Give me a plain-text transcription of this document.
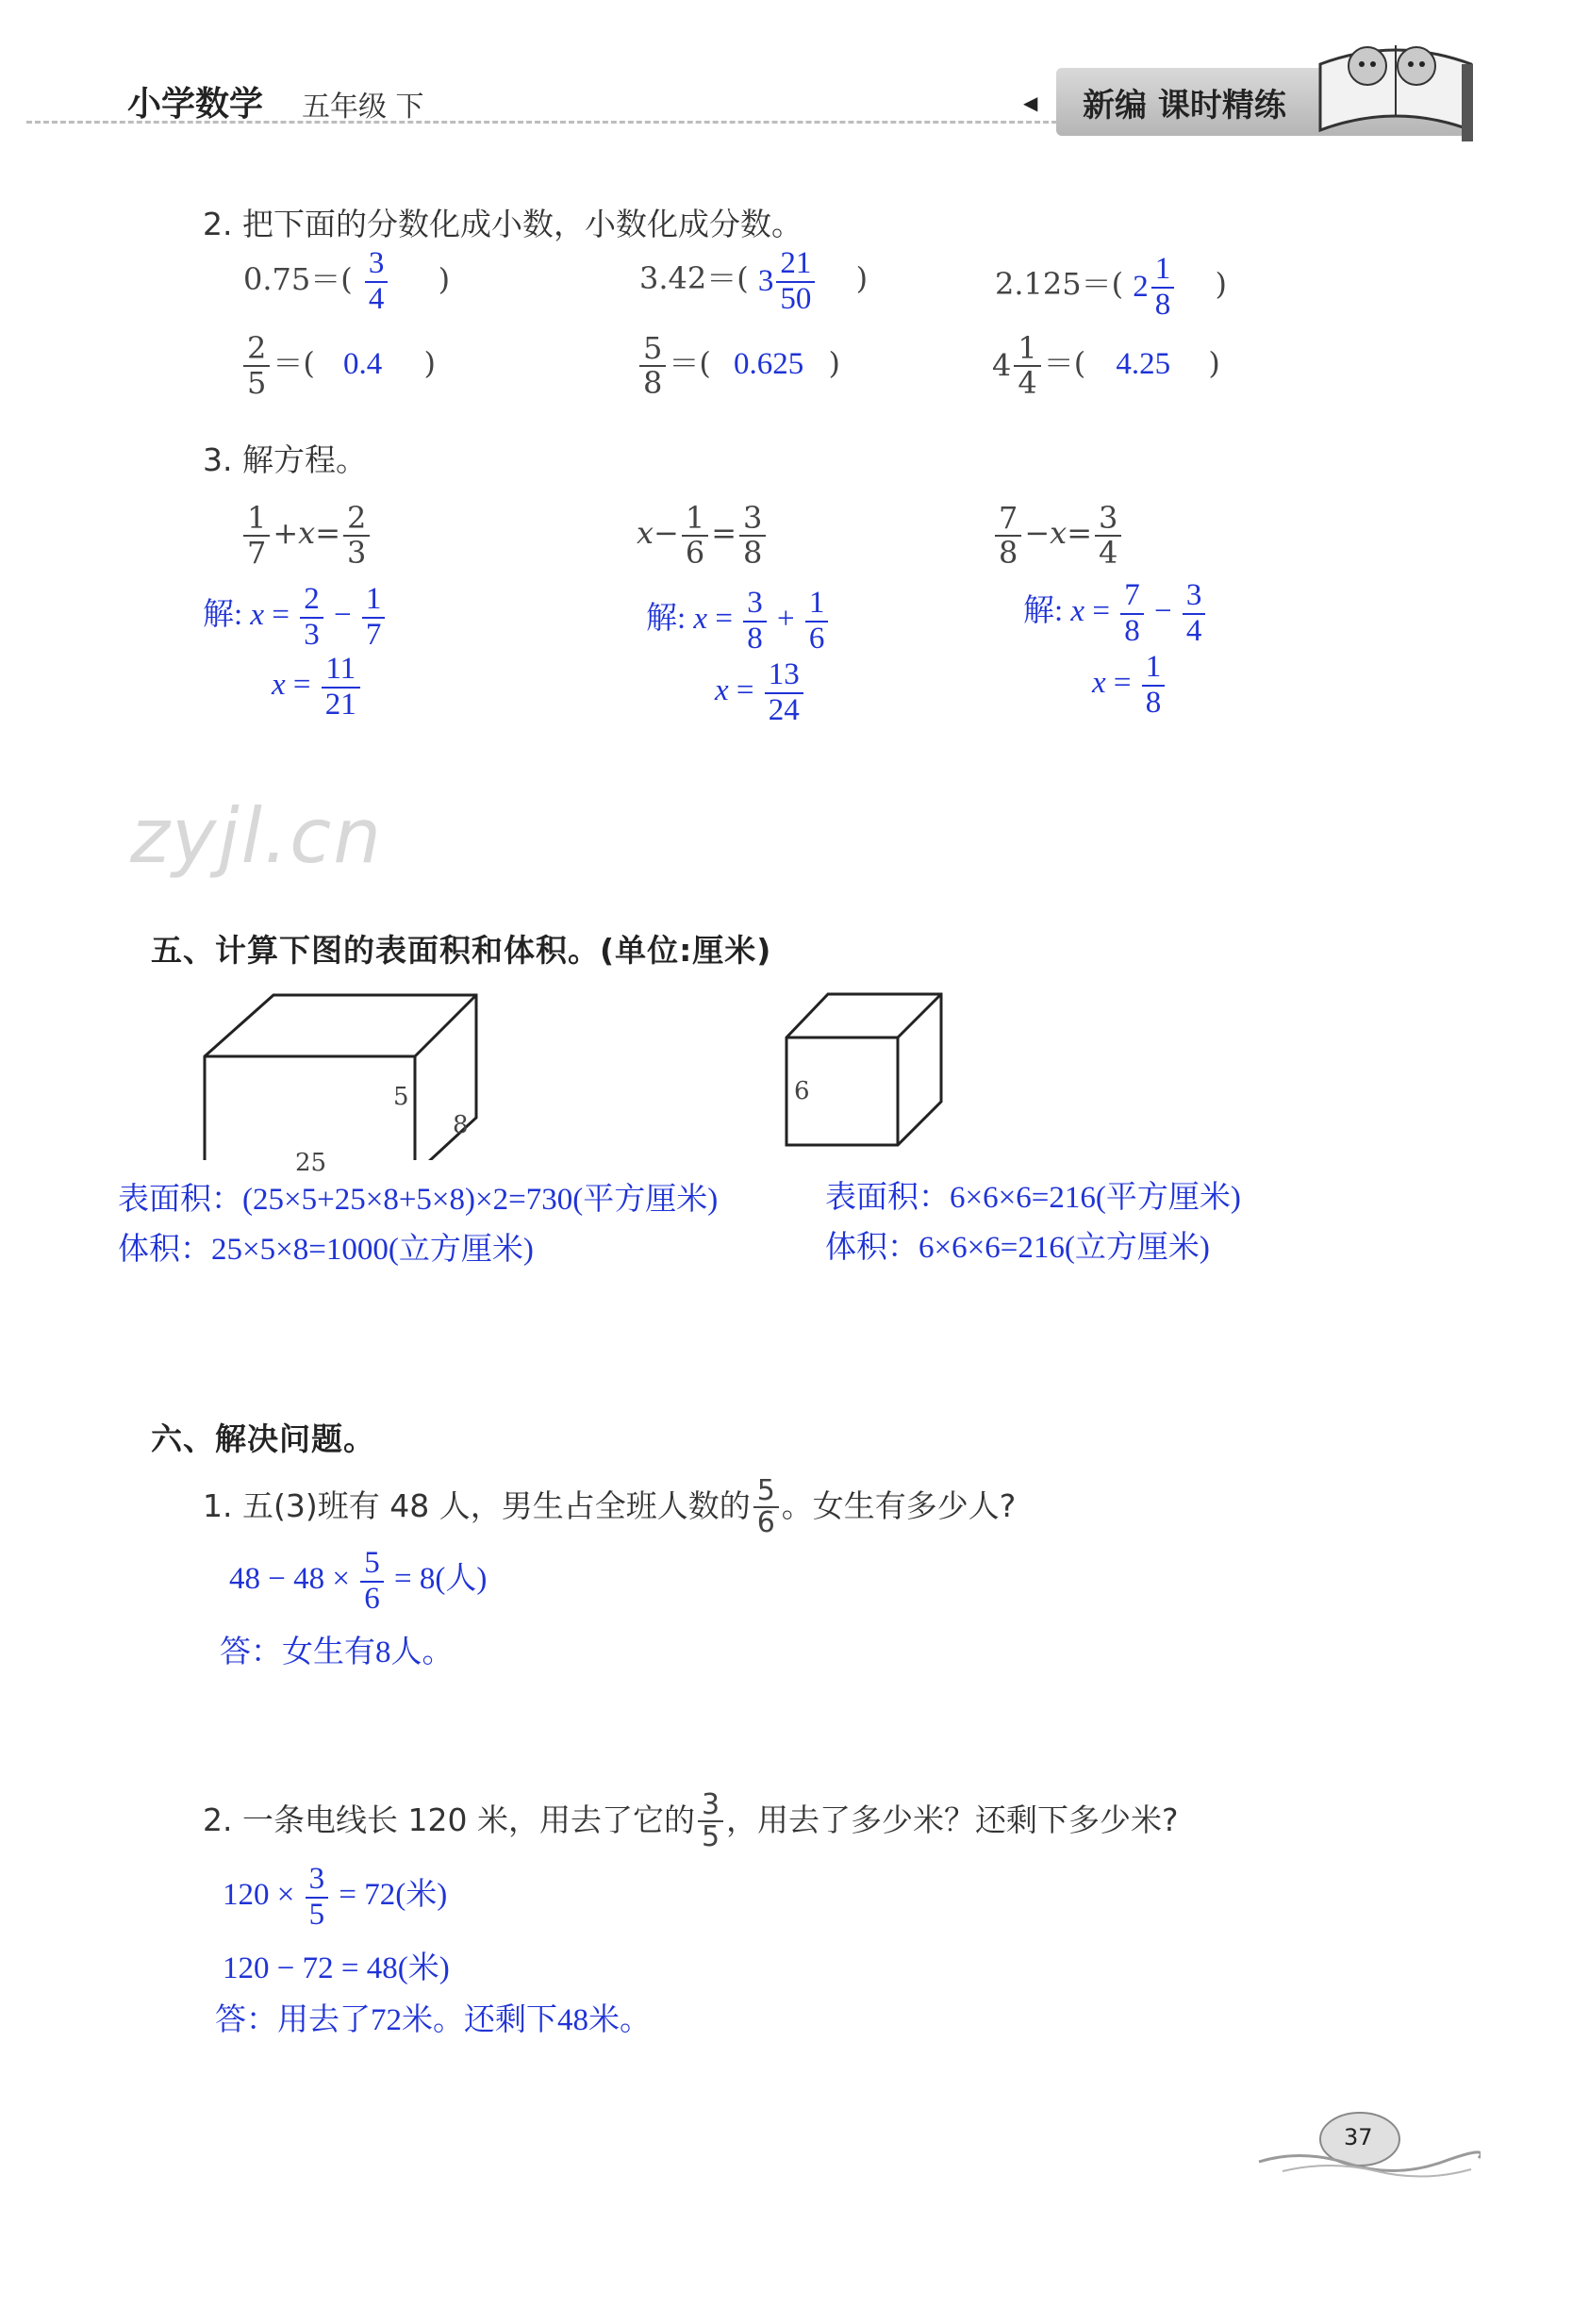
小学数学 五年级 下	◀ 新编 课时精练
2. 把下面的分数化成小数，小数化成分数。
$0.75=( \frac{3}{4}$ )	3.42＝( $3 \frac{21}{50}$ )	2.125＝( $2 \frac{1}{8}$ )
$\frac{2}{5}$ ＝( 0.4 )	$\frac{5}{8}$ ＝( 0.625 )	$4 \frac{1}{4}$ ＝( 4.25 )
3. 解方程。
$\frac{1}{7} +x= \frac{2}{3}$
解: $x = \frac{2}{3} - \frac{1}{7}$
$x = \frac{11}{21}$
$x- \frac{1}{6} = \frac{3}{8}$
解: $x = \frac{3}{8} + \frac{1}{6}$
$x = \frac{13}{24}$
$\frac{7}{8} -x= \frac{3}{4}$
解: $x = \frac{7}{8} - \frac{3}{4}$
$x = \frac{1}{8}$
zyjl.cn
五、计算下图的表面积和体积。(单位:厘米)
5
8
25
6
表面积：(25×5+25×8+5×8)×2=730(平方厘米)
体积：25×5×8=1000(立方厘米)
表面积：6×6×6=216(平方厘米)
体积：6×6×6=216(立方厘米)
六、解决问题。
1. 五(3)班有 48 人，男生占全班人数的 $\frac{5}{6}$ 。女生有多少人?
$48 - 48 \times \frac{5}{6} = 8$(人)
答：女生有8人。
2. 一条电线长 120 米，用去了它的 $\frac{3}{5}$ ，用去了多少米？还剩下多少米?
$120 \times \frac{3}{5} = 72$(米)
120 − 72 = 48(米)
答：用去了72米。还剩下48米。
37
